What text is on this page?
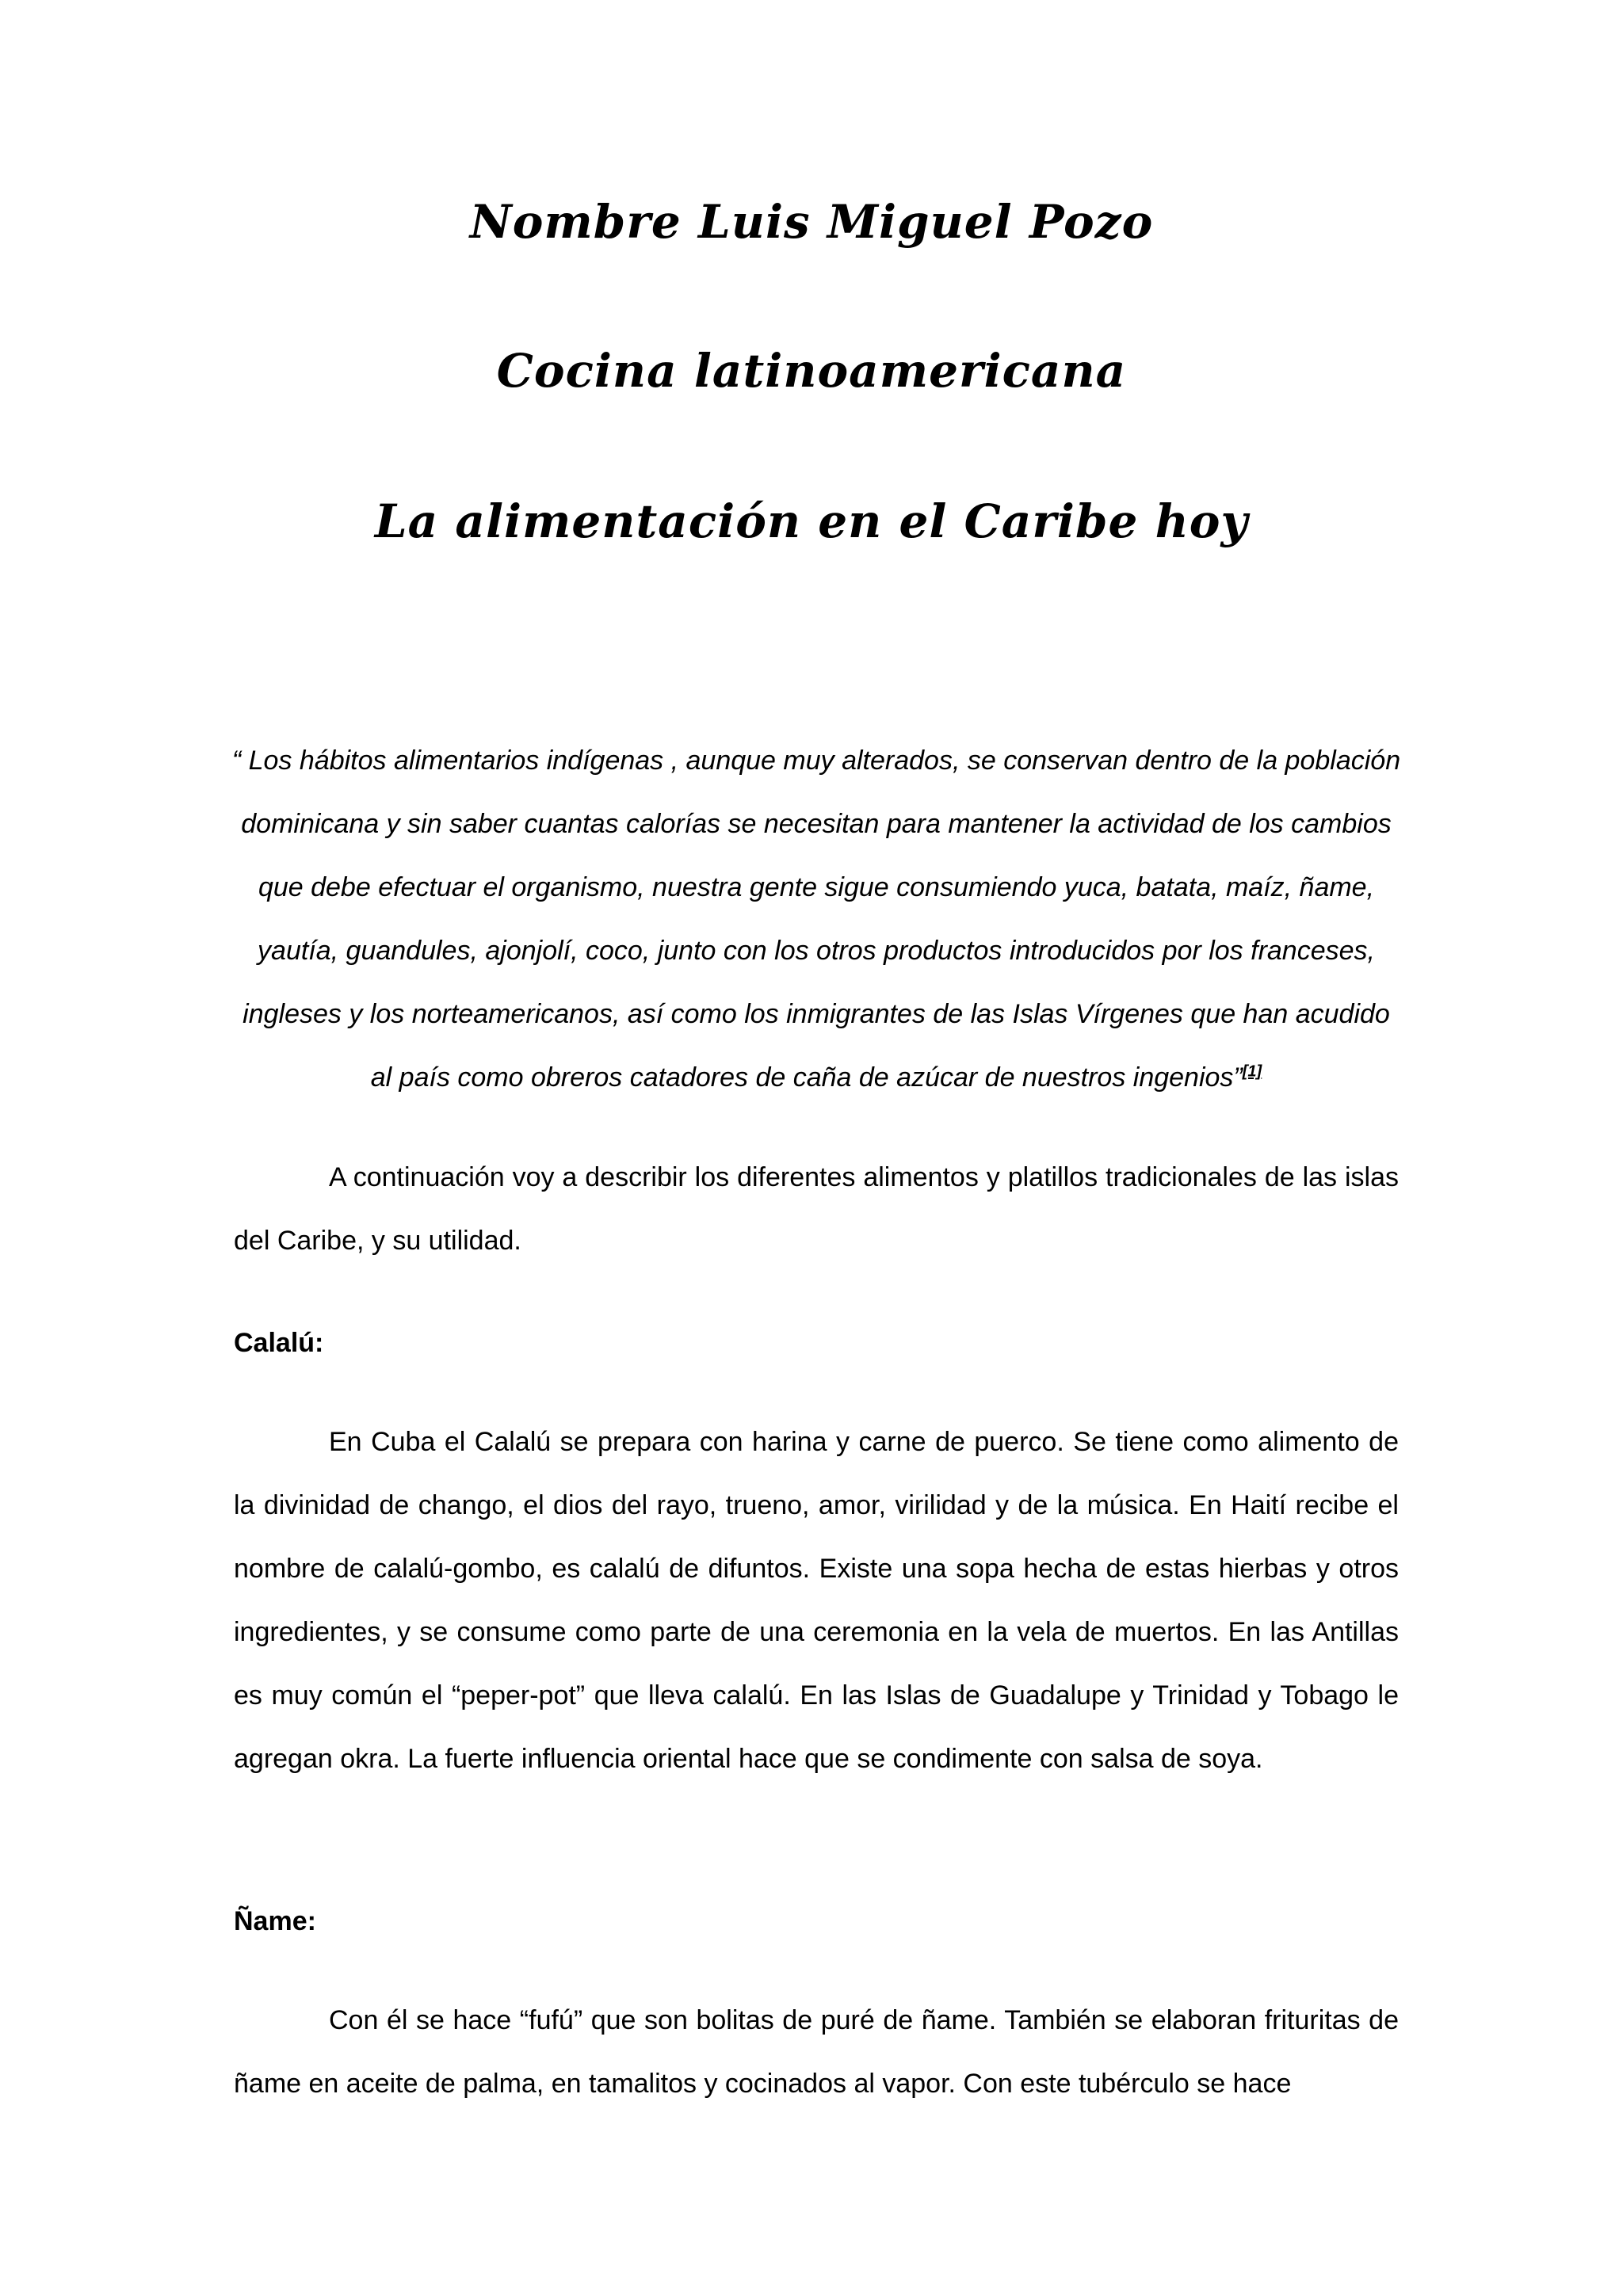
Nombre Luis Miguel Pozo
Cocina latinoamericana
La alimentación en el Caribe hoy
“ Los hábitos alimentarios indígenas , aunque muy alterados, se conservan dentro de la población dominicana y sin saber cuantas calorías se necesitan para mantener la actividad de los cambios que debe efectuar el organismo, nuestra gente sigue consumiendo yuca, batata, maíz, ñame, yautía, guandules, ajonjolí, coco, junto con los otros productos introducidos por los franceses, ingleses y los norteamericanos, así como los inmigrantes de las Islas Vírgenes que han acudido al país como obreros catadores de caña de azúcar de nuestros ingenios”[1]
A continuación voy a describir los diferentes alimentos y platillos tradicionales de las islas del Caribe, y su utilidad.
Calalú:
En Cuba el Calalú se prepara con harina y carne de puerco. Se tiene como alimento de la divinidad de chango, el dios del rayo, trueno, amor, virilidad y de la música. En Haití recibe el nombre de calalú-gombo, es calalú de difuntos. Existe una sopa hecha de estas hierbas y otros ingredientes, y se consume como parte de una ceremonia en la vela de muertos. En las Antillas es muy común el “peper-pot” que lleva calalú. En las Islas de Guadalupe y Trinidad y Tobago le agregan okra. La fuerte influencia oriental hace que se condimente con salsa de soya.
Ñame:
Con él se hace “fufú” que son bolitas de puré de ñame. También se elaboran frituritas de ñame en aceite de palma, en tamalitos y cocinados al vapor. Con este tubérculo se hace
